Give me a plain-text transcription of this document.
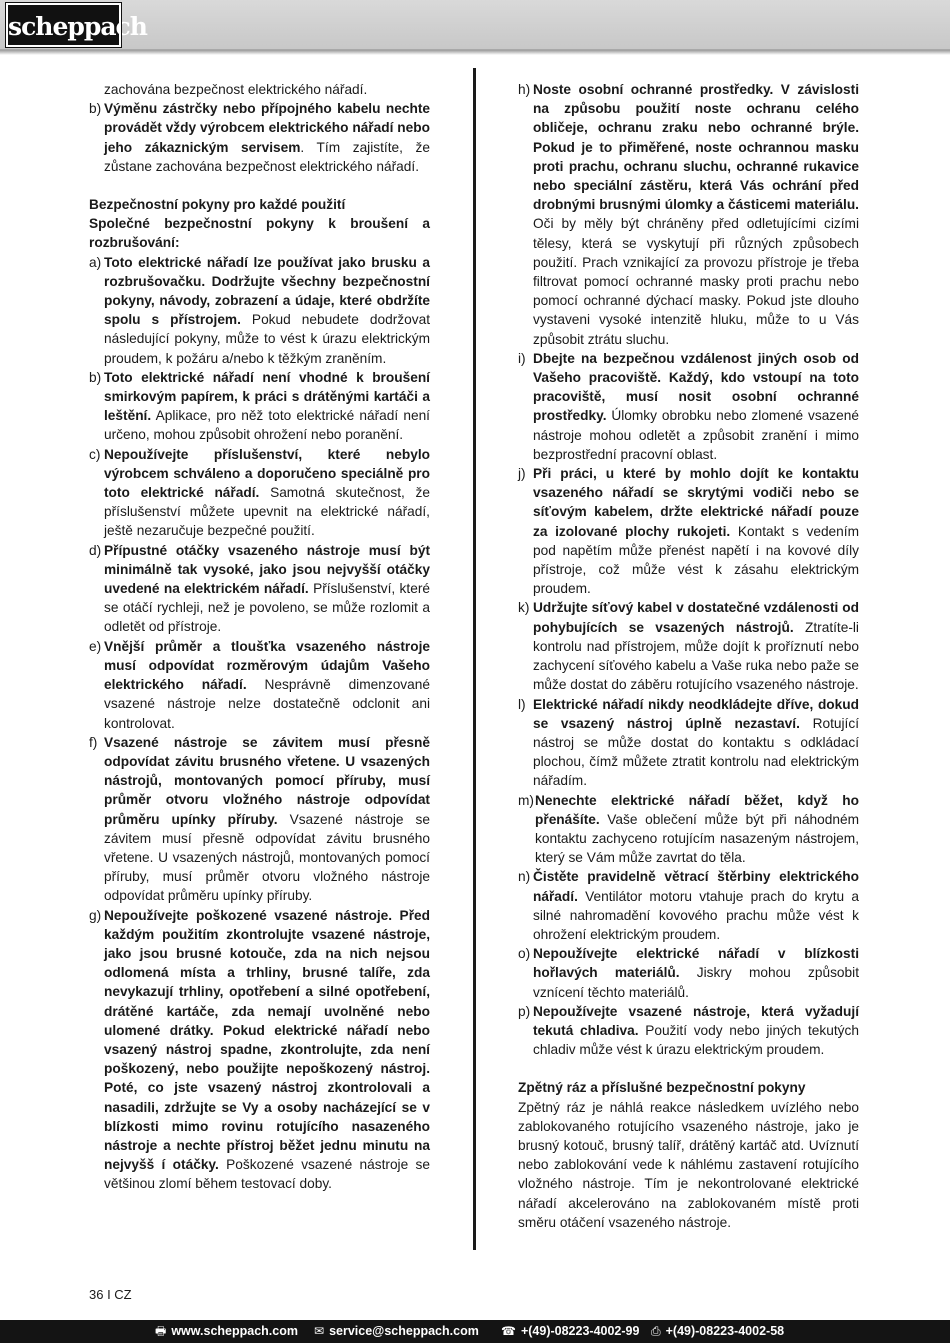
scheppach

zachována bezpečnost elektrického nářadí.

b) Výměnu zástrčky nebo přípojného kabelu nechte provádět vždy výrobcem elektrického nářadí nebo jeho zákaznickým servisem. Tím zajistíte, že zůstane zachována bezpečnost elektrického nářadí.

Bezpečnostní pokyny pro každé použití

Společné bezpečnostní pokyny k broušení a rozbrušování:

a) Toto elektrické nářadí lze používat jako brusku a rozbrušovačku. Dodržujte všechny bezpečnostní pokyny, návody, zobrazení a údaje, které obdržíte spolu s přístrojem. Pokud nebudete dodržovat následující pokyny, může to vést k úrazu elektrickým proudem, k požáru a/nebo k těžkým zraněním.
b) Toto elektrické nářadí není vhodné k broušení smirkovým papírem, k práci s drátěnými kartáči a leštění. Aplikace, pro něž toto elektrické nářadí není určeno, mohou způsobit ohrožení nebo poranění.
c) Nepoužívejte příslušenství, které nebylo výrobcem schváleno a doporučeno speciálně pro toto elektrické nářadí. Samotná skutečnost, že příslušenství můžete upevnit na elektrické nářadí, ještě nezaručuje bezpečné použití.
d) Přípustné otáčky vsazeného nástroje musí být minimálně tak vysoké, jako jsou nejvyšší otáčky uvedené na elektrickém nářadí. Příslušenství, které se otáčí rychleji, než je povoleno, se může rozlomit a odletět od přístroje.
e) Vnější průměr a tloušťka vsazeného nástroje musí odpovídat rozměrovým údajům Vašeho elektrického nářadí. Nesprávně dimenzované vsazené nástroje nelze dostatečně odclonit ani kontrolovat.
f) Vsazené nástroje se závitem musí přesně odpovídat závitu brusného vřetene. U vsazených nástrojů, montovaných pomocí příruby, musí průměr otvoru vložného nástroje odpovídat průměru upínky příruby. Vsazené nástroje se závitem musí přesně odpovídat závitu brusného vřetene. U vsazených nástrojů, montovaných pomocí příruby, musí průměr otvoru vložného nástroje odpovídat průměru upínky příruby.
g) Nepoužívejte poškozené vsazené nástroje. Před každým použitím zkontrolujte vsazené nástroje, jako jsou brusné kotouče, zda na nich nejsou odlomená místa a trhliny, brusné talíře, zda nevykazují trhliny, opotřebení a silné opotřebení, drátěné kartáče, zda nemají uvolněné nebo ulomené drátky. Pokud elektrické nářadí nebo vsazený nástroj spadne, zkontrolujte, zda není poškozený, nebo použijte nepoškozený nástroj. Poté, co jste vsazený nástroj zkontrolovali a nasadili, zdržujte se Vy a osoby nacházející se v blízkosti mimo rovinu rotujícího nasazeného nástroje a nechte přístroj běžet jednu minutu na nejvyšš í otáčky. Poškozené vsazené nástroje se většinou zlomí během testovací doby.
h) Noste osobní ochranné prostředky. V závislosti na způsobu použití noste ochranu celého obličeje, ochranu zraku nebo ochranné brýle. Pokud je to přiměřené, noste ochrannou masku proti prachu, ochranu sluchu, ochranné rukavice nebo speciální zástěru, která Vás ochrání před drobnými brusnými úlomky a částicemi materiálu. Oči by měly být chráněny před odletujícími cizími tělesy, která se vyskytují při různých způsobech použití. Prach vznikající za provozu přístroje je třeba filtrovat pomocí ochranné masky proti prachu nebo pomocí ochranné dýchací masky. Pokud jste dlouho vystaveni vysoké intenzitě hluku, může to u Vás způsobit ztrátu sluchu.
i) Dbejte na bezpečnou vzdálenost jiných osob od Vašeho pracoviště. Každý, kdo vstoupí na toto pracoviště, musí nosit osobní ochranné prostředky. Úlomky obrobku nebo zlomené vsazené nástroje mohou odletět a způsobit zranění i mimo bezprostřední pracovní oblast.
j) Při práci, u které by mohlo dojít ke kontaktu vsazeného nářadí se skrytými vodiči nebo se síťovým kabelem, držte elektrické nářadí pouze za izolované plochy rukojeti. Kontakt s vedením pod napětím může přenést napětí i na kovové díly přístroje, což může vést k zásahu elektrickým proudem.
k) Udržujte síťový kabel v dostatečné vzdálenosti od pohybujících se vsazených nástrojů. Ztratíte-li kontrolu nad přístrojem, může dojít k proříznutí nebo zachycení síťového kabelu a Vaše ruka nebo paže se může dostat do záběru rotujícího vsazeného nástroje.
l) Elektrické nářadí nikdy neodkládejte dříve, dokud se vsazený nástroj úplně nezastaví. Rotující nástroj se může dostat do kontaktu s odkládací plochou, čímž můžete ztratit kontrolu nad elektrickým nářadím.
m) Nenechte elektrické nářadí běžet, když ho přenášíte. Vaše oblečení může být při náhodném kontaktu zachyceno rotujícím nasazeným nástrojem, který se Vám může zavrtat do těla.
n) Čistěte pravidelně větrací štěrbiny elektrického nářadí. Ventilátor motoru vtahuje prach do krytu a silné nahromadění kovového prachu může vést k ohrožení elektrickým proudem.
o) Nepoužívejte elektrické nářadí v blízkosti hořlavých materiálů. Jiskry mohou způsobit vznícení těchto materiálů.
p) Nepoužívejte vsazené nástroje, která vyžadují tekutá chladiva. Použití vody nebo jiných tekutých chladiv může vést k úrazu elektrickým proudem.

Zpětný ráz a příslušné bezpečnostní pokyny

Zpětný ráz je náhlá reakce následkem uvízlého nebo zablokovaného rotujícího vsazeného nástroje, jako je brusný kotouč, brusný talíř, drátěný kartáč atd. Uvíznutí nebo zablokování vede k náhlému zastavení rotujícího vložného nástroje. Tím je nekontrolované elektrické nářadí akcelerováno na zablokovaném místě proti směru otáčení vsazeného nástroje.

36 I CZ
🖶 www.scheppach.com ✉ service@scheppach.com ☎ +(49)-08223-4002-99 ⎙ +(49)-08223-4002-58
